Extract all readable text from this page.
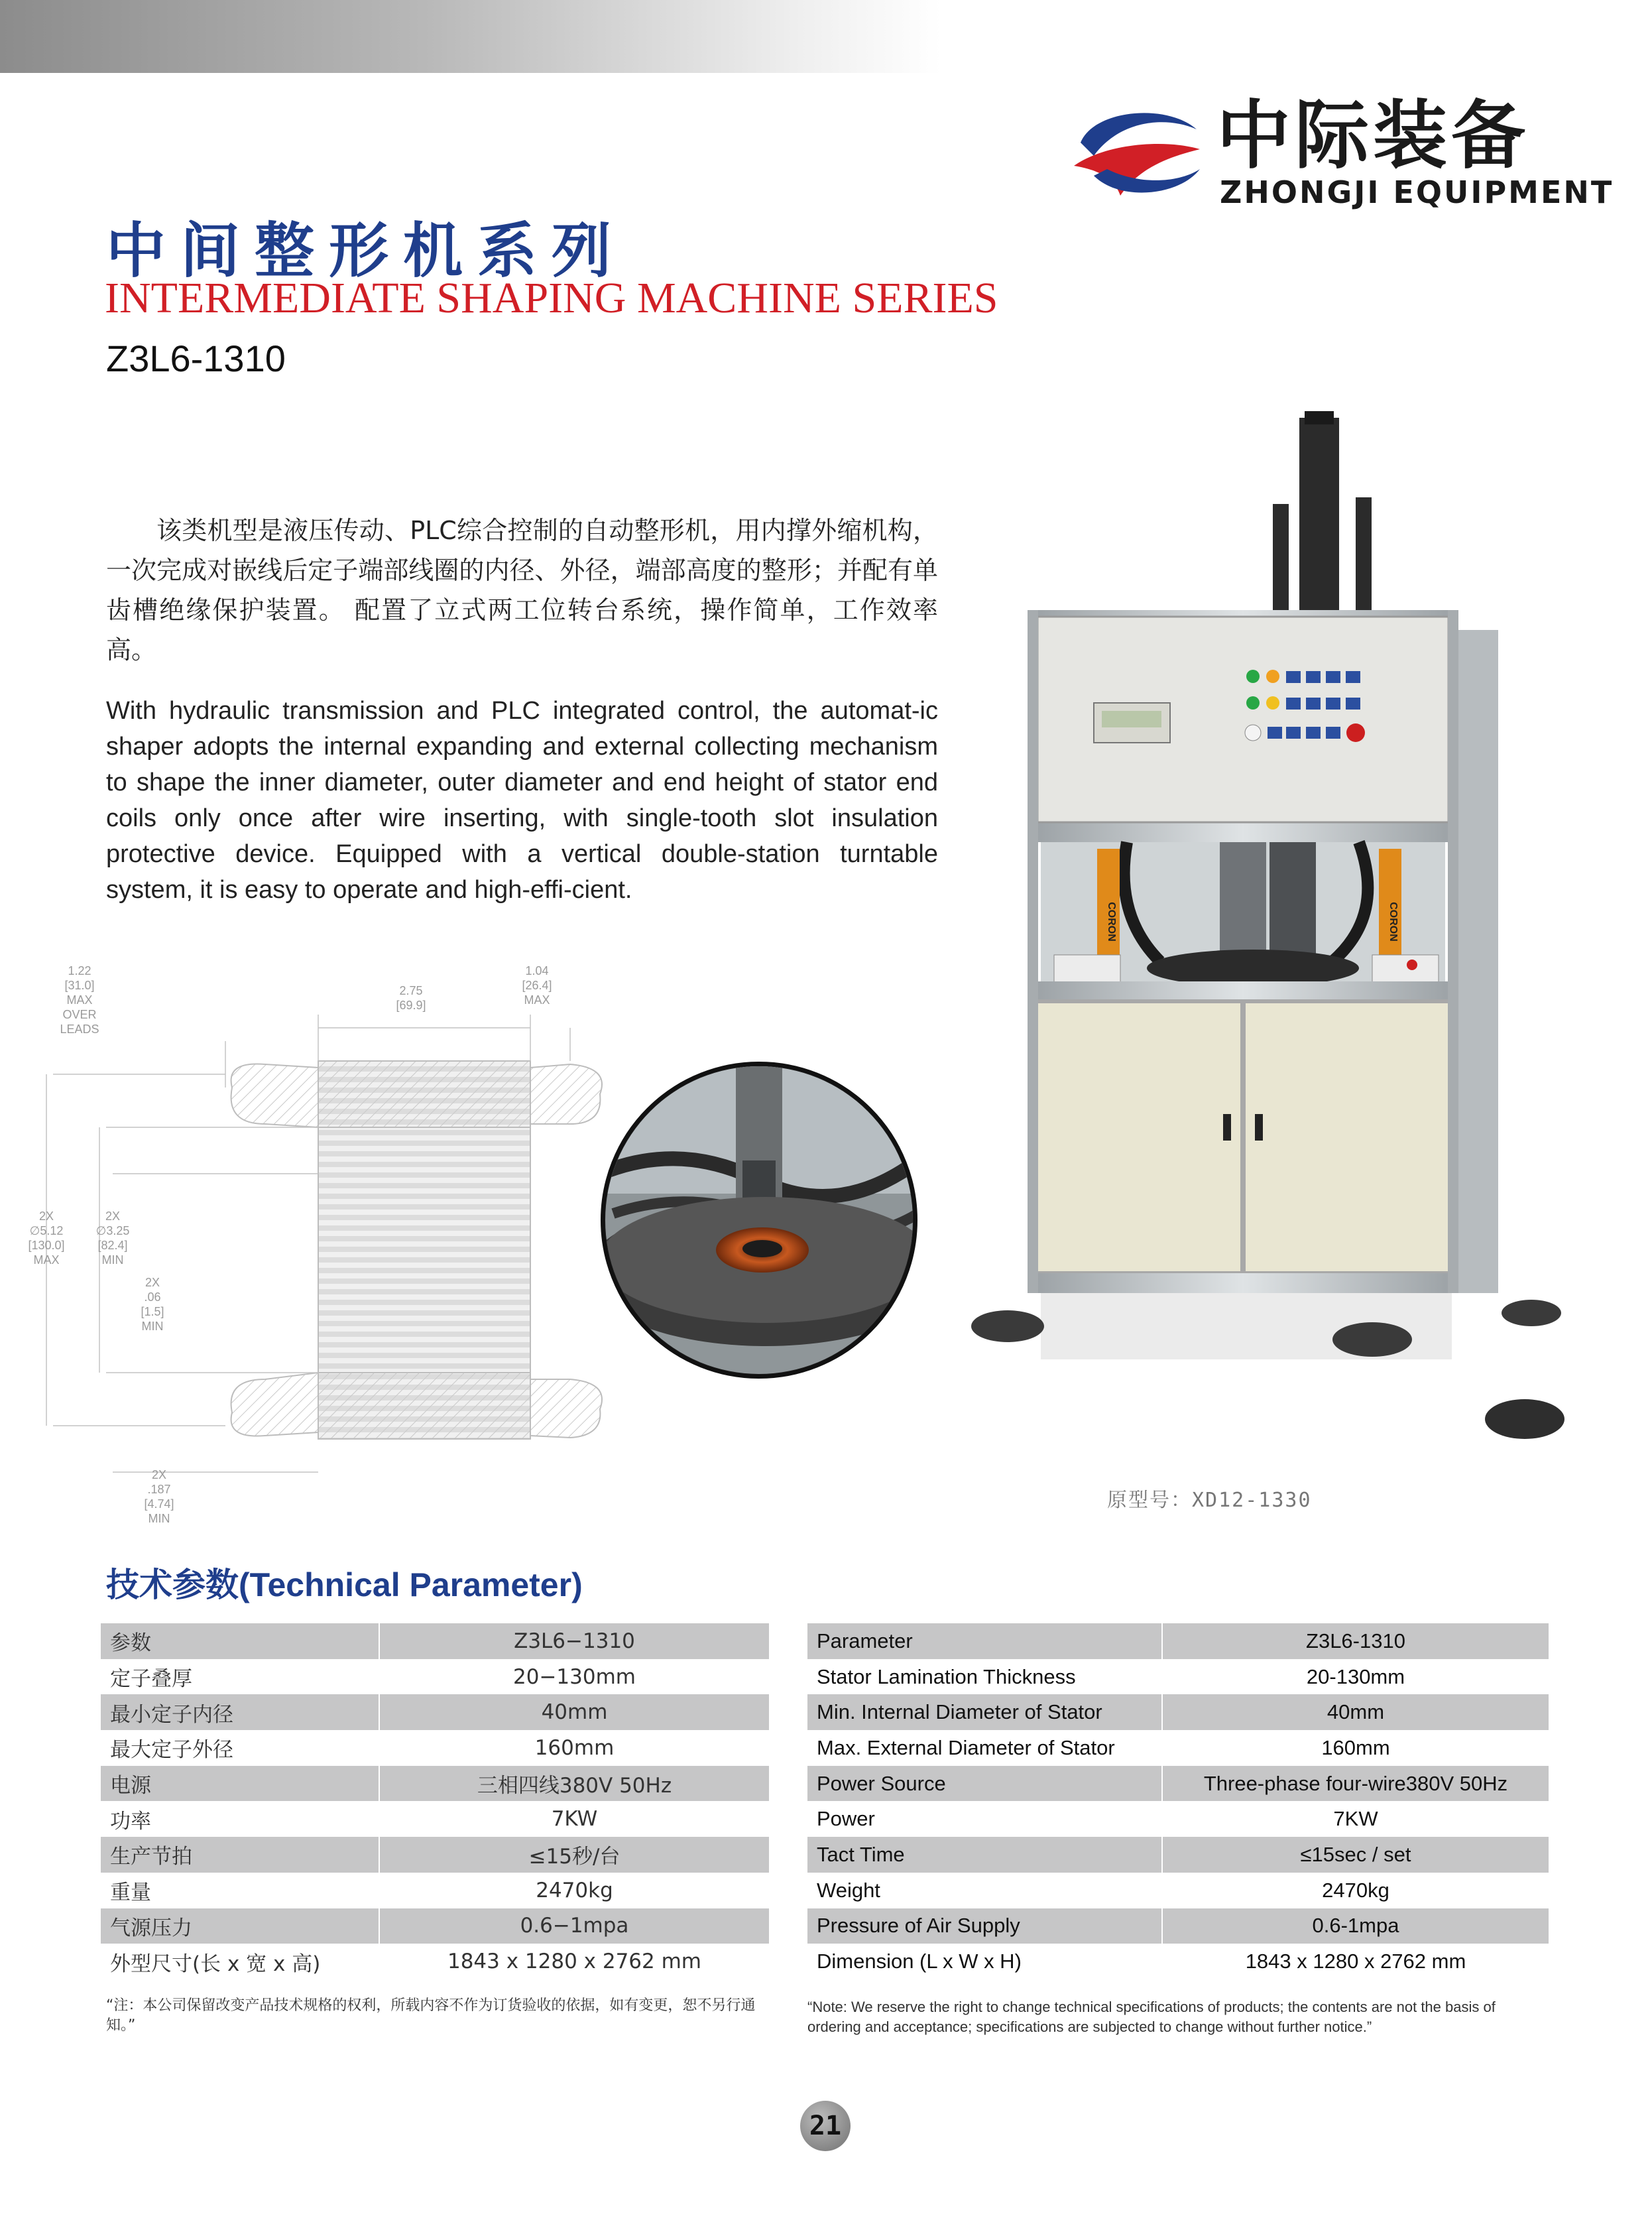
中际装备
ZHONGJI EQUIPMENT
中间整形机系列
INTERMEDIATE SHAPING MACHINE SERIES
Z3L6-1310
该类机型是液压传动、PLC综合控制的自动整形机，用内撑外缩机构，一次完成对嵌线后定子端部线圈的内径、外径，端部高度的整形；并配有单齿槽绝缘保护装置。 配置了立式两工位转台系统，操作简单，工作效率高。
With hydraulic transmission and PLC integrated control, the automat-ic shaper adopts the internal expanding and external collecting mechanism to shape the inner diameter, outer diameter and end height of stator end coils only once after wire inserting, with single-tooth slot insulation protective device. Equipped with a vertical double-station turntable system, it is easy to operate and high-effi-cient.
1.22
[31.0]
MAX
OVER
LEADS
2.75
[69.9]
1.04
[26.4]
MAX
2X
∅5.12
[130.0]
MAX
2X
∅3.25
[82.4]
MIN
2X
.06
[1.5]
MIN
2X
.187
[4.74]
MIN
CORON	CORON
原型号：XD12-1330
技术参数(Technical Parameter)
参数	Z3L6−1310
定子叠厚	20−130mm
最小定子内径	40mm
最大定子外径	160mm
电源	三相四线380V 50Hz
功率	7KW
生产节拍	≤15秒/台
重量	2470kg
气源压力	0.6−1mpa
外型尺寸(长 x 宽 x 高)	1843 x 1280 x 2762 mm
Parameter	Z3L6-1310
Stator Lamination Thickness	20-130mm
Min. Internal Diameter of Stator	40mm
Max. External Diameter of Stator	160mm
Power Source	Three-phase four-wire380V 50Hz
Power	7KW
Tact Time	≤15sec / set
Weight	2470kg
Pressure of Air Supply	0.6-1mpa
Dimension (L x W x H)	1843 x 1280 x 2762 mm
“注：本公司保留改变产品技术规格的权利，所载内容不作为订货验收的依据，如有变更，恕不另行通知。”
“Note: We reserve the right to change technical specifications of products; the contents are not the basis of ordering and acceptance; specifications are subjected to change without further notice.”
21
